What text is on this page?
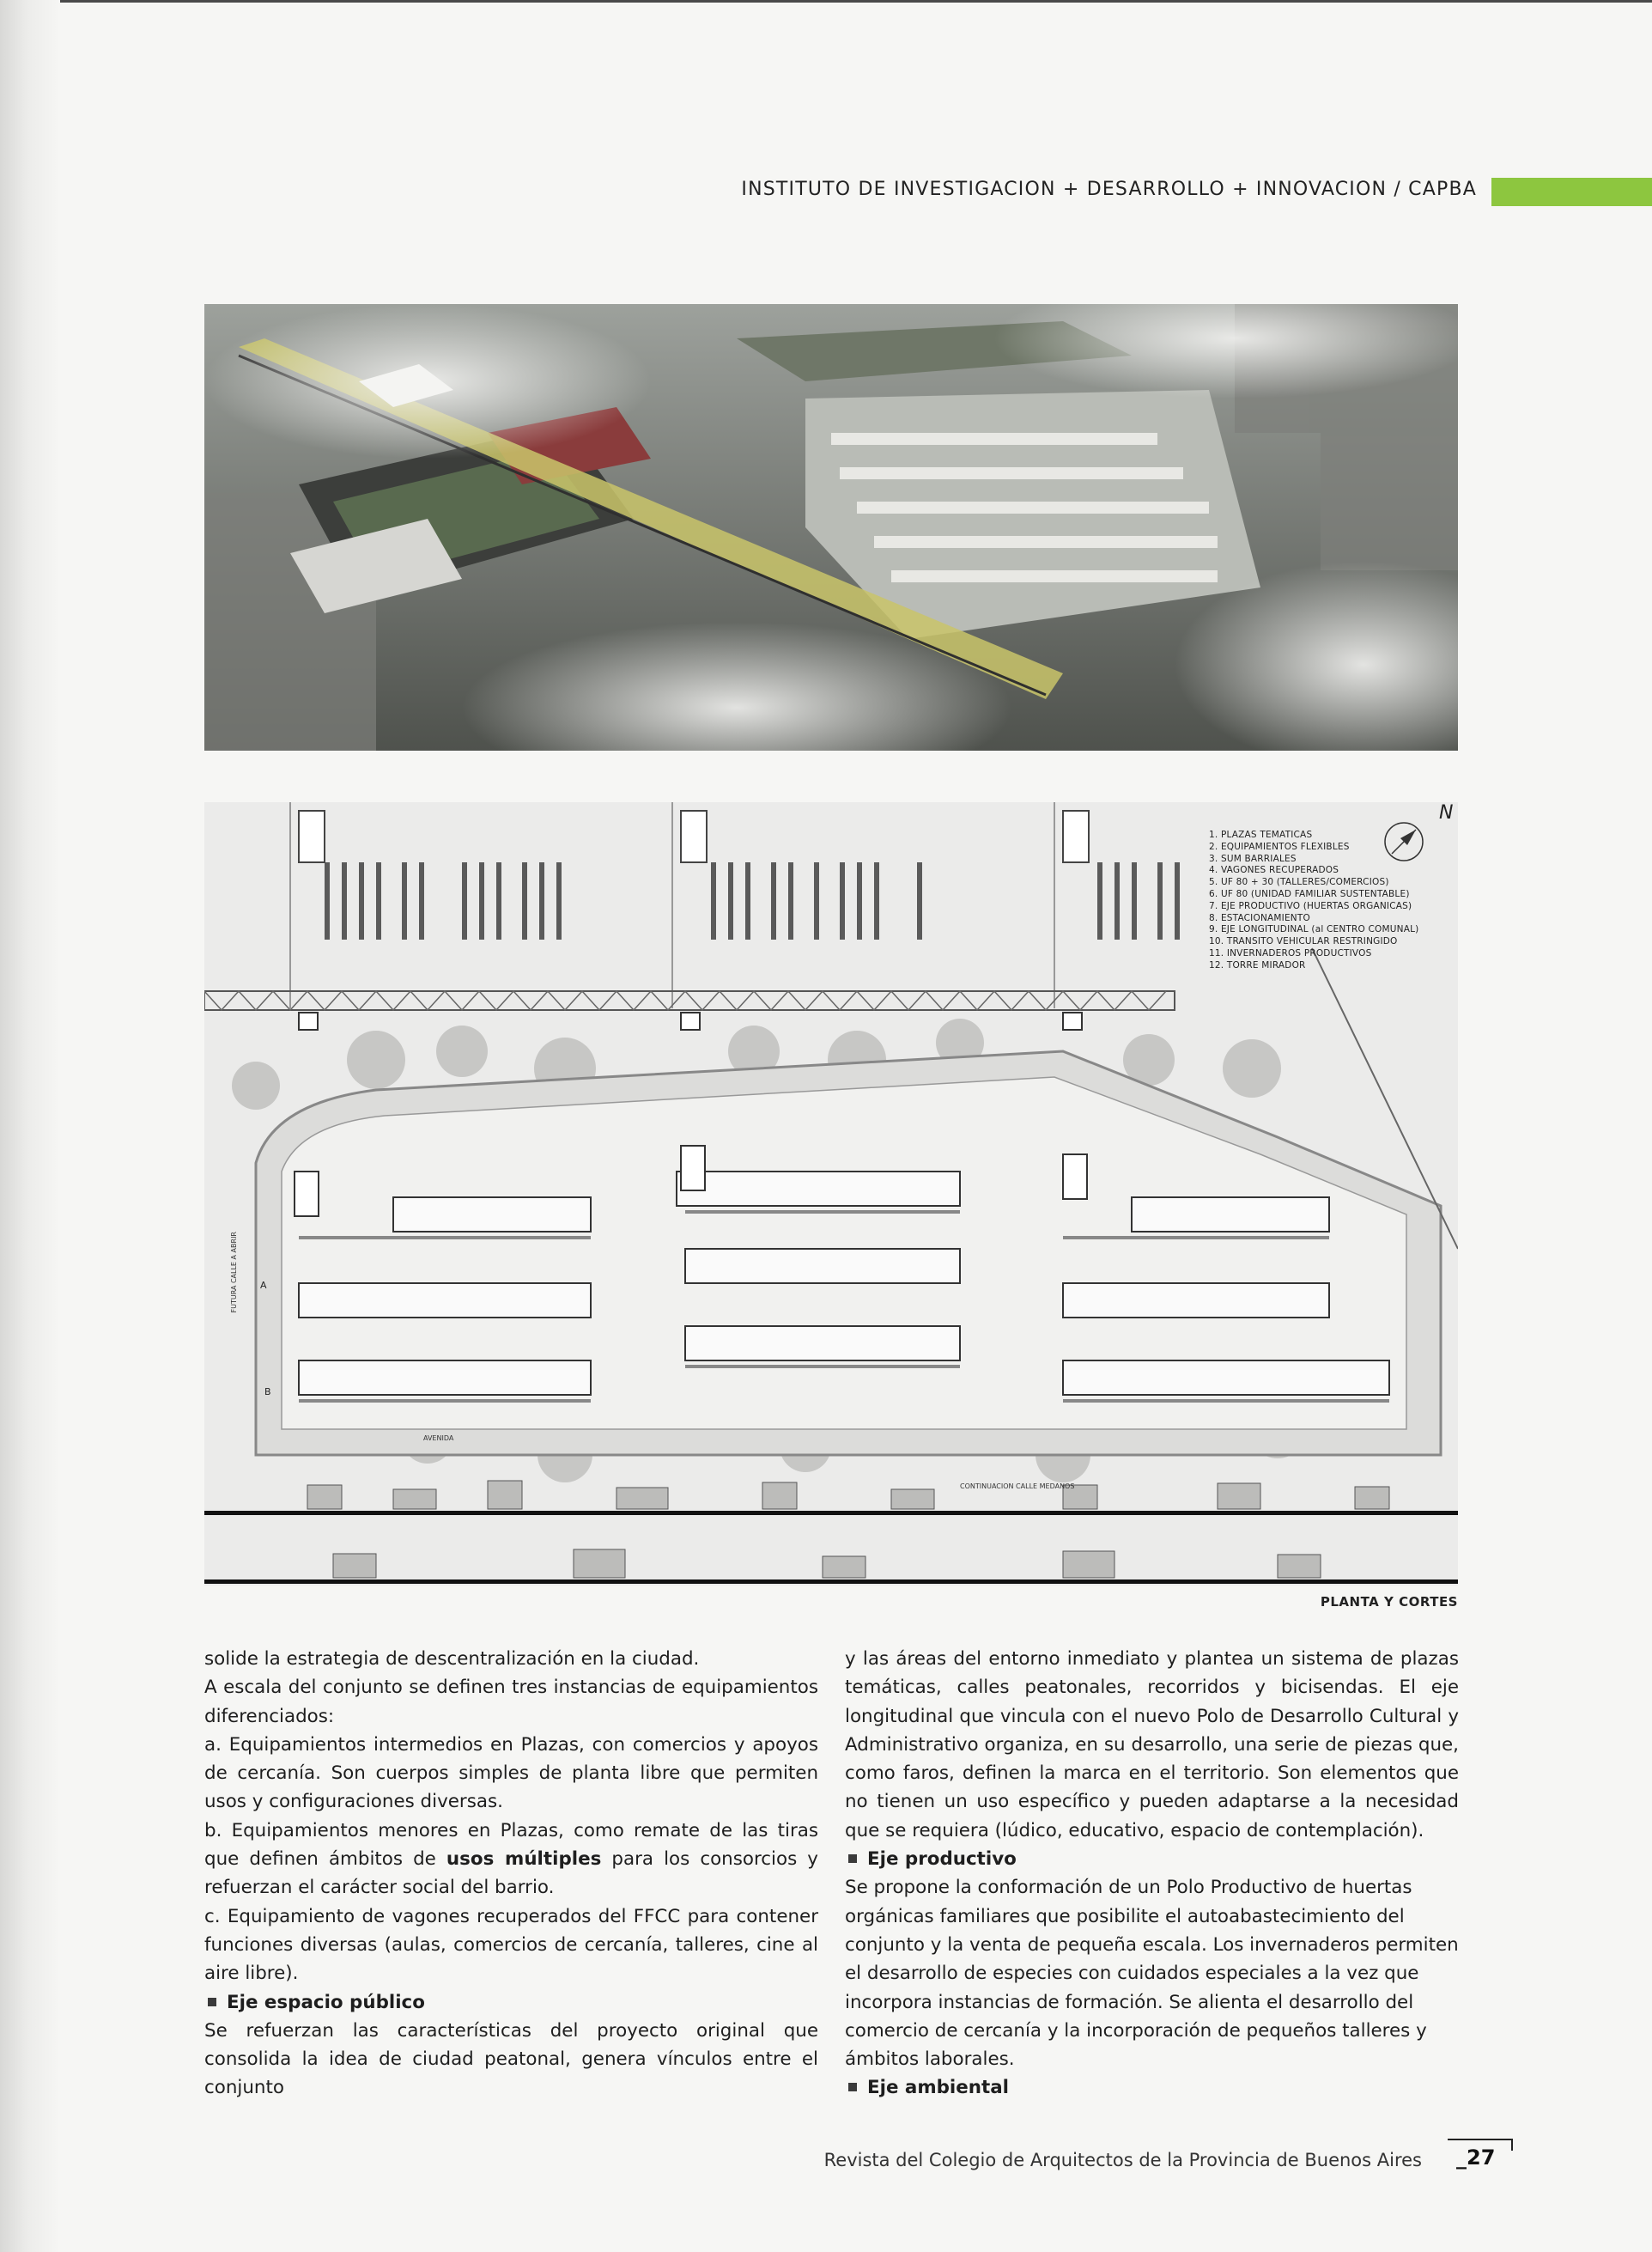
INSTITUTO DE INVESTIGACION + DESARROLLO + INNOVACION / CAPBA
1. PLAZAS TEMATICAS
2. EQUIPAMIENTOS FLEXIBLES
3. SUM BARRIALES
4. VAGONES RECUPERADOS
5. UF 80 + 30 (TALLERES/COMERCIOS)
6. UF 80 (UNIDAD FAMILIAR SUSTENTABLE)
7. EJE PRODUCTIVO (HUERTAS ORGANICAS)
8. ESTACIONAMIENTO
9. EJE LONGITUDINAL (al CENTRO COMUNAL)
10. TRANSITO VEHICULAR RESTRINGIDO
11. INVERNADEROS PRODUCTIVOS
12. TORRE MIRADOR
N
FUTURA CALLE A ABRIR
AVENIDA
CONTINUACION CALLE MEDANOS
A
B
PLANTA Y CORTES

solide la estrategia de descentralización en la ciudad.

A escala del conjunto se definen tres instancias de equipamientos diferenciados:

a. Equipamientos intermedios en Plazas, con comercios y apoyos de cercanía. Son cuerpos simples de planta libre que permiten usos y configuraciones diversas.

b. Equipamientos menores en Plazas, como remate de las tiras que definen ámbitos de usos múltiples para los consorcios y refuerzan el carácter social del barrio.

c. Equipamiento de vagones recuperados del FFCC para contener funciones diversas (aulas, comercios de cercanía, talleres, cine al aire libre).

Eje espacio público

Se refuerzan las características del proyecto original que consolida la idea de ciudad peatonal, genera vínculos entre el conjunto

y las áreas del entorno inmediato y plantea un sistema de plazas temáticas, calles peatonales, recorridos y bicisendas. El eje longitudinal que vincula con el nuevo Polo de Desarrollo Cultural y Administrativo organiza, en su desarrollo, una serie de piezas que, como faros, definen la marca en el territorio. Son elementos que no tienen un uso específico y pueden adaptarse a la necesidad que se requiera (lúdico, educativo, espacio de contemplación).

Eje productivo

Se propone la conformación de un Polo Productivo de huertas orgánicas familiares que posibilite el autoabastecimiento del conjunto y la venta de pequeña escala. Los invernaderos permiten el desarrollo de especies con cuidados especiales a la vez que incorpora instancias de formación. Se alienta el desarrollo del comercio de cercanía y la incorporación de pequeños talleres y ámbitos laborales.

Eje ambiental
Revista del Colegio de Arquitectos de la Provincia de Buenos Aires _27
